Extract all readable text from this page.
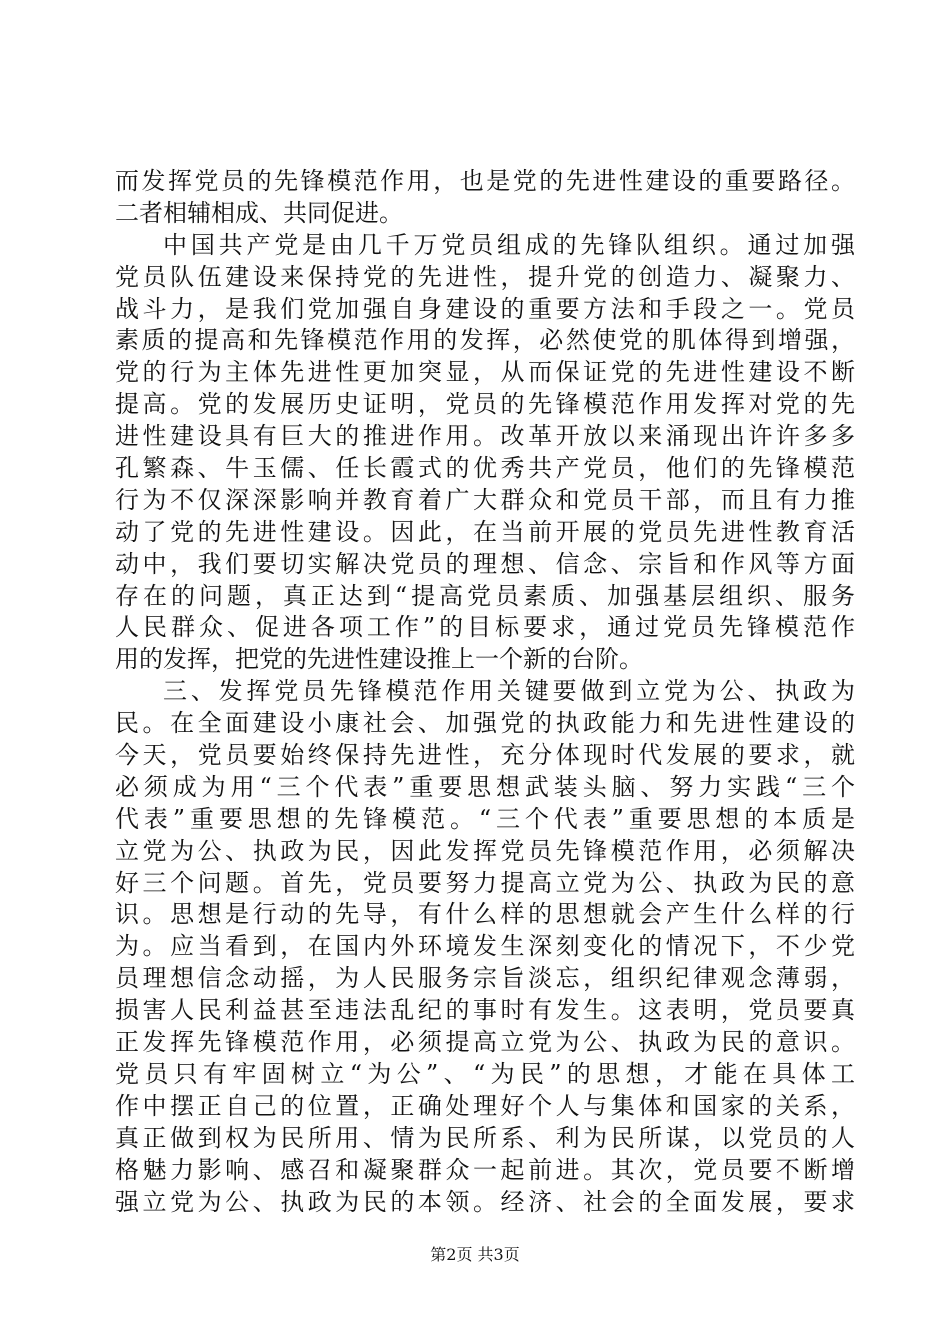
而发挥党员的先锋模范作用，也是党的先进性建设的重要路径。
二者相辅相成、共同促进。
中国共产党是由几千万党员组成的先锋队组织。通过加强
党员队伍建设来保持党的先进性，提升党的创造力、凝聚力、
战斗力，是我们党加强自身建设的重要方法和手段之一。党员
素质的提高和先锋模范作用的发挥，必然使党的肌体得到增强，
党的行为主体先进性更加突显，从而保证党的先进性建设不断
提高。党的发展历史证明，党员的先锋模范作用发挥对党的先
进性建设具有巨大的推进作用。改革开放以来涌现出许许多多
孔繁森、牛玉儒、任长霞式的优秀共产党员，他们的先锋模范
行为不仅深深影响并教育着广大群众和党员干部，而且有力推
动了党的先进性建设。因此，在当前开展的党员先进性教育活
动中，我们要切实解决党员的理想、信念、宗旨和作风等方面
存在的问题，真正达到“提高党员素质、加强基层组织、服务
人民群众、促进各项工作”的目标要求，通过党员先锋模范作
用的发挥，把党的先进性建设推上一个新的台阶。
三、发挥党员先锋模范作用关键要做到立党为公、执政为
民。在全面建设小康社会、加强党的执政能力和先进性建设的
今天，党员要始终保持先进性，充分体现时代发展的要求，就
必须成为用“三个代表”重要思想武装头脑、努力实践“三个
代表”重要思想的先锋模范。“三个代表”重要思想的本质是
立党为公、执政为民，因此发挥党员先锋模范作用，必须解决
好三个问题。首先，党员要努力提高立党为公、执政为民的意
识。思想是行动的先导，有什么样的思想就会产生什么样的行
为。应当看到，在国内外环境发生深刻变化的情况下，不少党
员理想信念动摇，为人民服务宗旨淡忘，组织纪律观念薄弱，
损害人民利益甚至违法乱纪的事时有发生。这表明，党员要真
正发挥先锋模范作用，必须提高立党为公、执政为民的意识。
党员只有牢固树立“为公”、“为民”的思想，才能在具体工
作中摆正自己的位置，正确处理好个人与集体和国家的关系，
真正做到权为民所用、情为民所系、利为民所谋，以党员的人
格魅力影响、感召和凝聚群众一起前进。其次，党员要不断增
强立党为公、执政为民的本领。经济、社会的全面发展，要求
第2页 共3页
